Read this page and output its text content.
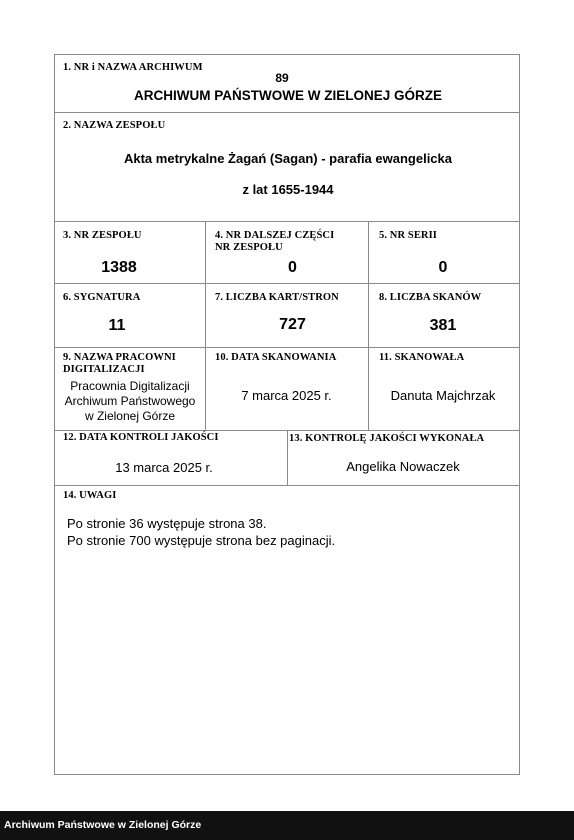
1. NR i NAZWA ARCHIWUM
89
ARCHIWUM PAŃSTWOWE W ZIELONEJ GÓRZE
2. NAZWA ZESPOŁU
Akta metrykalne Żagań (Sagan) - parafia ewangelicka
z lat 1655-1944
3. NR ZESPOŁU
1388
4. NR DALSZEJ CZĘŚCI
NR ZESPOŁU
0
5. NR SERII
0
6. SYGNATURA
11
7. LICZBA KART/STRON
727
8. LICZBA SKANÓW
381
9. NAZWA PRACOWNI
DIGITALIZACJI
Pracownia Digitalizacji
Archiwum Państwowego
w Zielonej Górze
10. DATA SKANOWANIA
7 marca 2025 r.
11. SKANOWAŁA
Danuta Majchrzak
12. DATA KONTROLI JAKOŚCI
13 marca 2025 r.
13. KONTROLĘ JAKOŚCI WYKONAŁA
Angelika Nowaczek
14. UWAGI
Po stronie 36 występuje strona 38.
Po stronie 700 występuje strona bez paginacji.
Archiwum Państwowe w Zielonej Górze
